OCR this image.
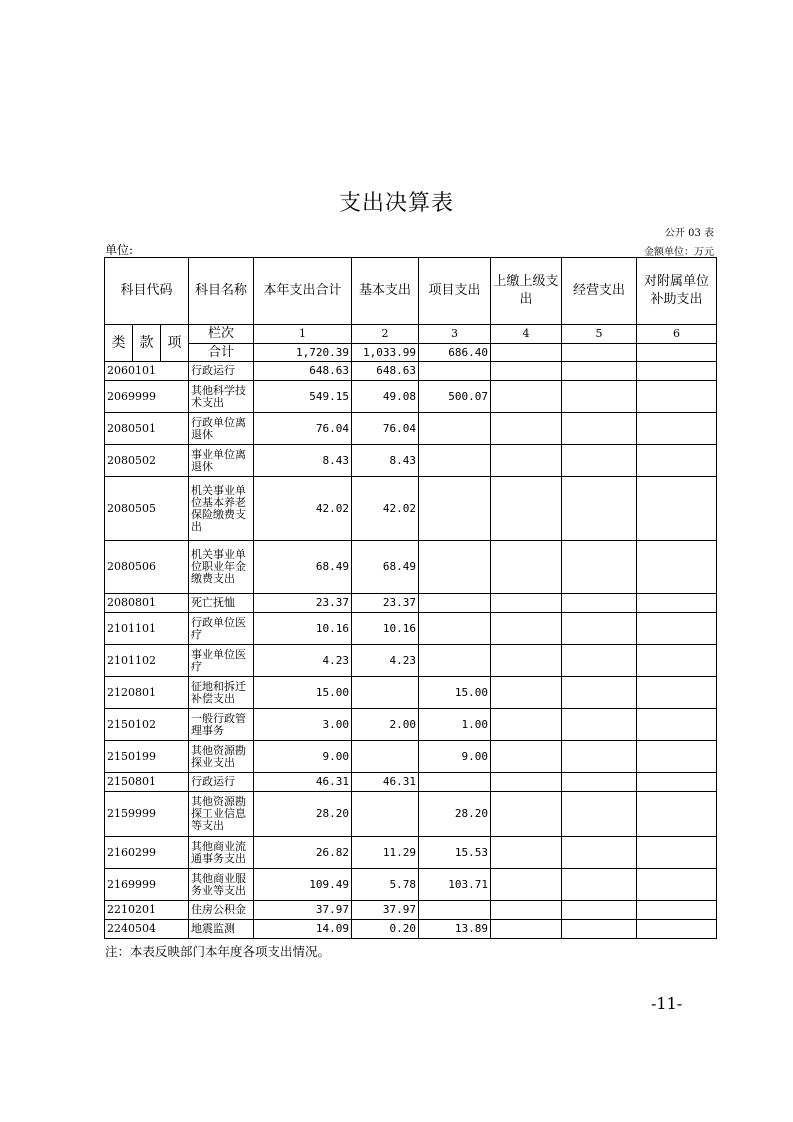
支出决算表
公开 03 表
单位:	金额单位：万元
科目代码			科目名称	本年支出合计	基本支出	项目支出	上缴上级支出	经营支出	对附属单位补助支出
类	款	项	栏次	1	2	3	4	5	6
			合计	1,720.39	1,033.99	686.40			
2060101			行政运行	648.63	648.63				
2069999			其他科学技术支出	549.15	49.08	500.07			
2080501			行政单位离退休	76.04	76.04				
2080502			事业单位离退休	8.43	8.43				
2080505			机关事业单位基本养老保险缴费支出	42.02	42.02				
2080506			机关事业单位职业年金缴费支出	68.49	68.49				
2080801			死亡抚恤	23.37	23.37				
2101101			行政单位医疗	10.16	10.16				
2101102			事业单位医疗	4.23	4.23				
2120801			征地和拆迁补偿支出	15.00		15.00			
2150102			一般行政管理事务	3.00	2.00	1.00			
2150199			其他资源勘探业支出	9.00		9.00			
2150801			行政运行	46.31	46.31				
2159999			其他资源勘探工业信息等支出	28.20		28.20			
2160299			其他商业流通事务支出	26.82	11.29	15.53			
2169999			其他商业服务业等支出	109.49	5.78	103.71			
2210201			住房公积金	37.97	37.97				
2240504			地震监测	14.09	0.20	13.89			
注：本表反映部门本年度各项支出情况。
-11-
